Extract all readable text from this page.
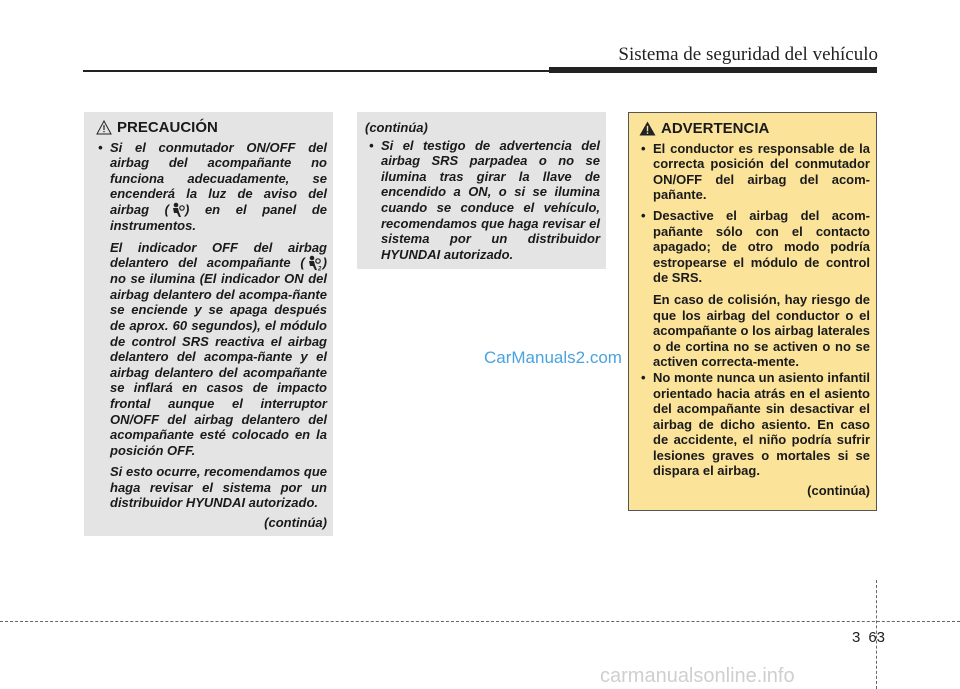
Sistema de seguridad del vehículo
PRECAUCIÓN
• Si el conmutador ON/OFF del airbag del acompañante no funciona adecuadamente, se encenderá la luz de aviso del airbag ( ) en el panel de instrumentos.
El indicador OFF del airbag delantero del acompañante ( 2 ) no se ilumina (El indicador ON del airbag delantero del acompa-ñante se enciende y se apaga después de aprox. 60 segundos), el módulo de control SRS reactiva el airbag delantero del acompa-ñante y el airbag delantero del acompañante se inflará en casos de impacto frontal aunque el interruptor ON/OFF del airbag delantero del acompañante esté colocado en la posición OFF.
Si esto ocurre, recomendamos que haga revisar el sistema por un distribuidor HYUNDAI autorizado.
(continúa)
(continúa)
• Si el testigo de advertencia del airbag SRS parpadea o no se ilumina tras girar la llave de encendido a ON, o si se ilumina cuando se conduce el vehículo, recomendamos que haga revisar el sistema por un distribuidor HYUNDAI autorizado.
ADVERTENCIA
• El conductor es responsable de la correcta posición del conmutador ON/OFF del airbag del acom-pañante.
• Desactive el airbag del acom-pañante sólo con el contacto apagado; de otro modo podría estropearse el módulo de control de SRS.
En caso de colisión, hay riesgo de que los airbag del conductor o el acompañante o los airbag laterales o de cortina no se activen o no se activen correcta-mente.
• No monte nunca un asiento infantil orientado hacia atrás en el asiento del acompañante sin desactivar el airbag de dicho asiento. En caso de accidente, el niño podría sufrir lesiones graves o mortales si se dispara el airbag.
(continúa)
CarManuals2.com
3 63
carmanualsonline.info
